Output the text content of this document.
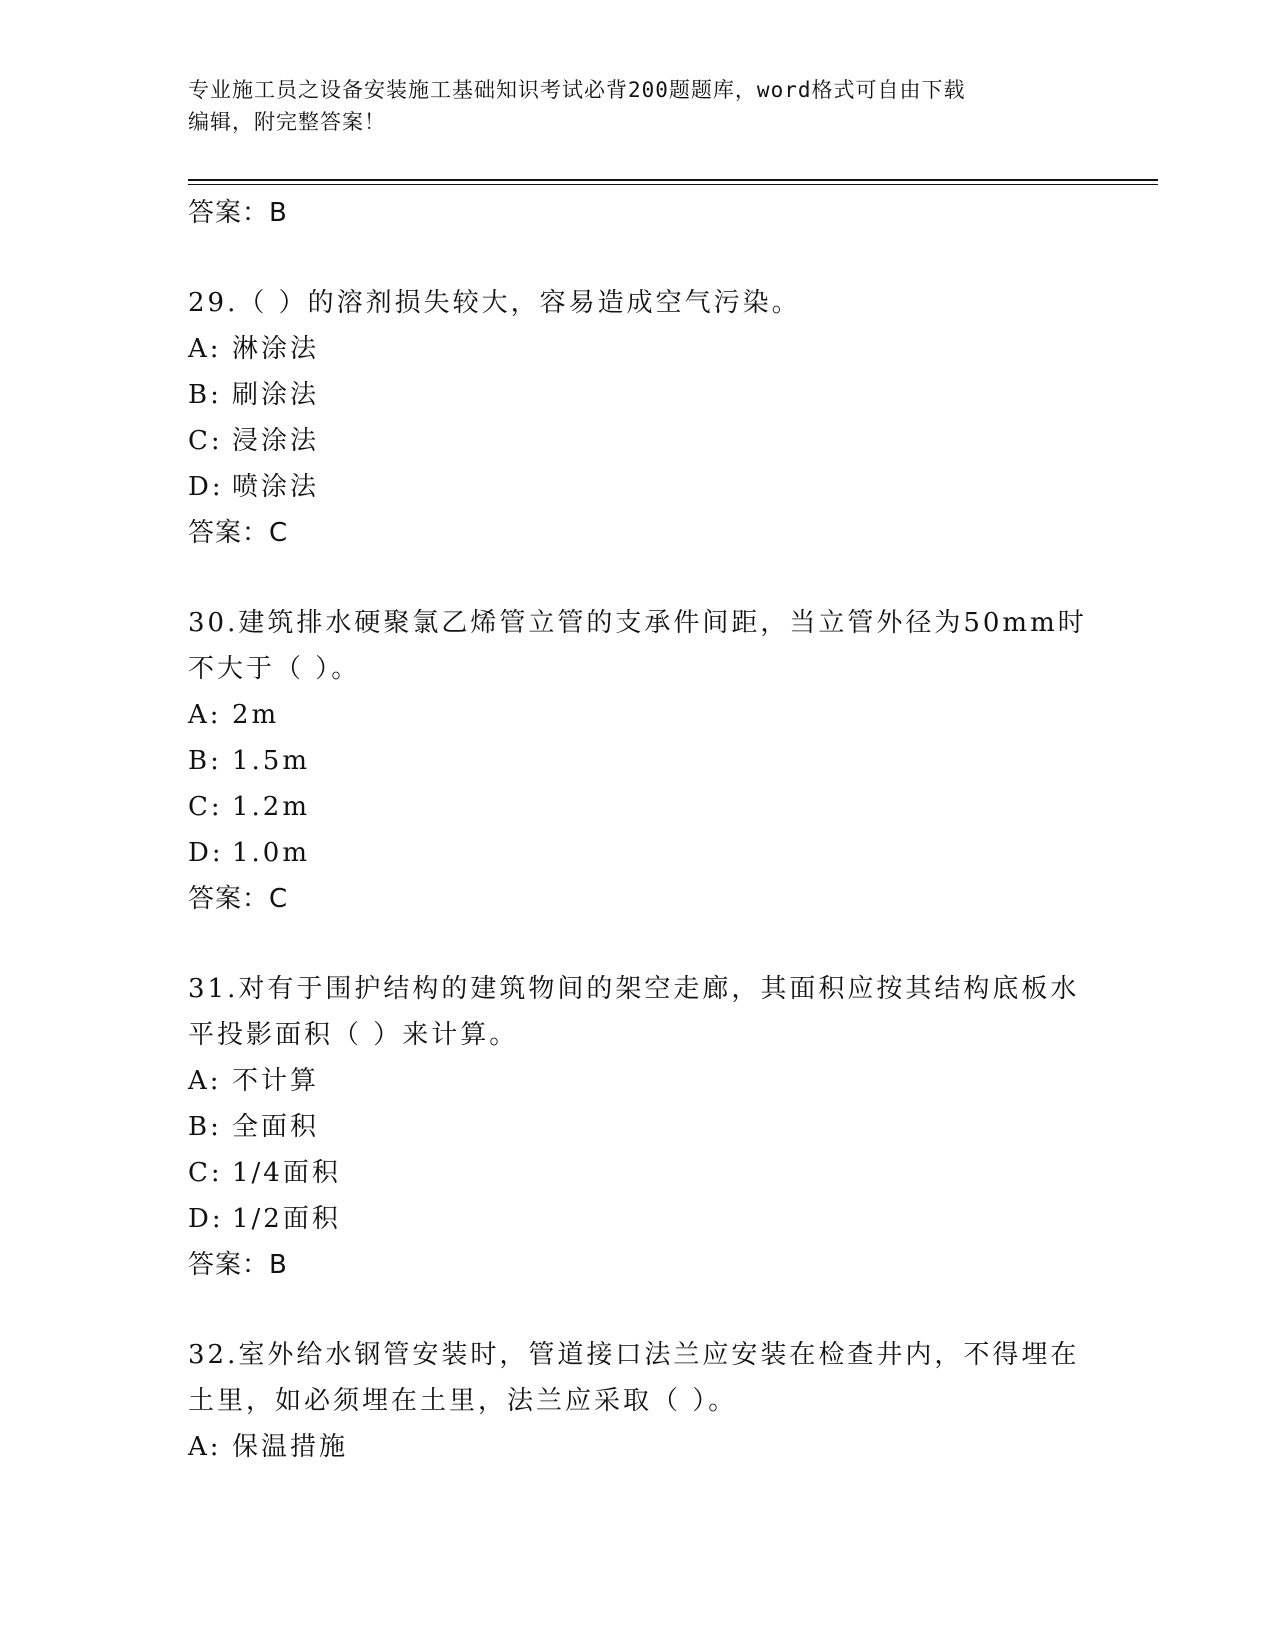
专业施工员之设备安装施工基础知识考试必背200题题库，word格式可自由下载
编辑，附完整答案！

答案：B

29.（ ）的溶剂损失较大，容易造成空气污染。

A: 淋涂法

B: 刷涂法

C: 浸涂法

D: 喷涂法

答案：C

30.建筑排水硬聚氯乙烯管立管的支承件间距，当立管外径为50mm时不大于（ ）。

A: 2m

B: 1.5m

C: 1.2m

D: 1.0m

答案：C

31.对有于围护结构的建筑物间的架空走廊，其面积应按其结构底板水平投影面积（ ）来计算。

A: 不计算

B: 全面积

C: 1/4面积

D: 1/2面积

答案：B

32.室外给水钢管安装时，管道接口法兰应安装在检查井内，不得埋在土里，如必须埋在土里，法兰应采取（ ）。

A: 保温措施
